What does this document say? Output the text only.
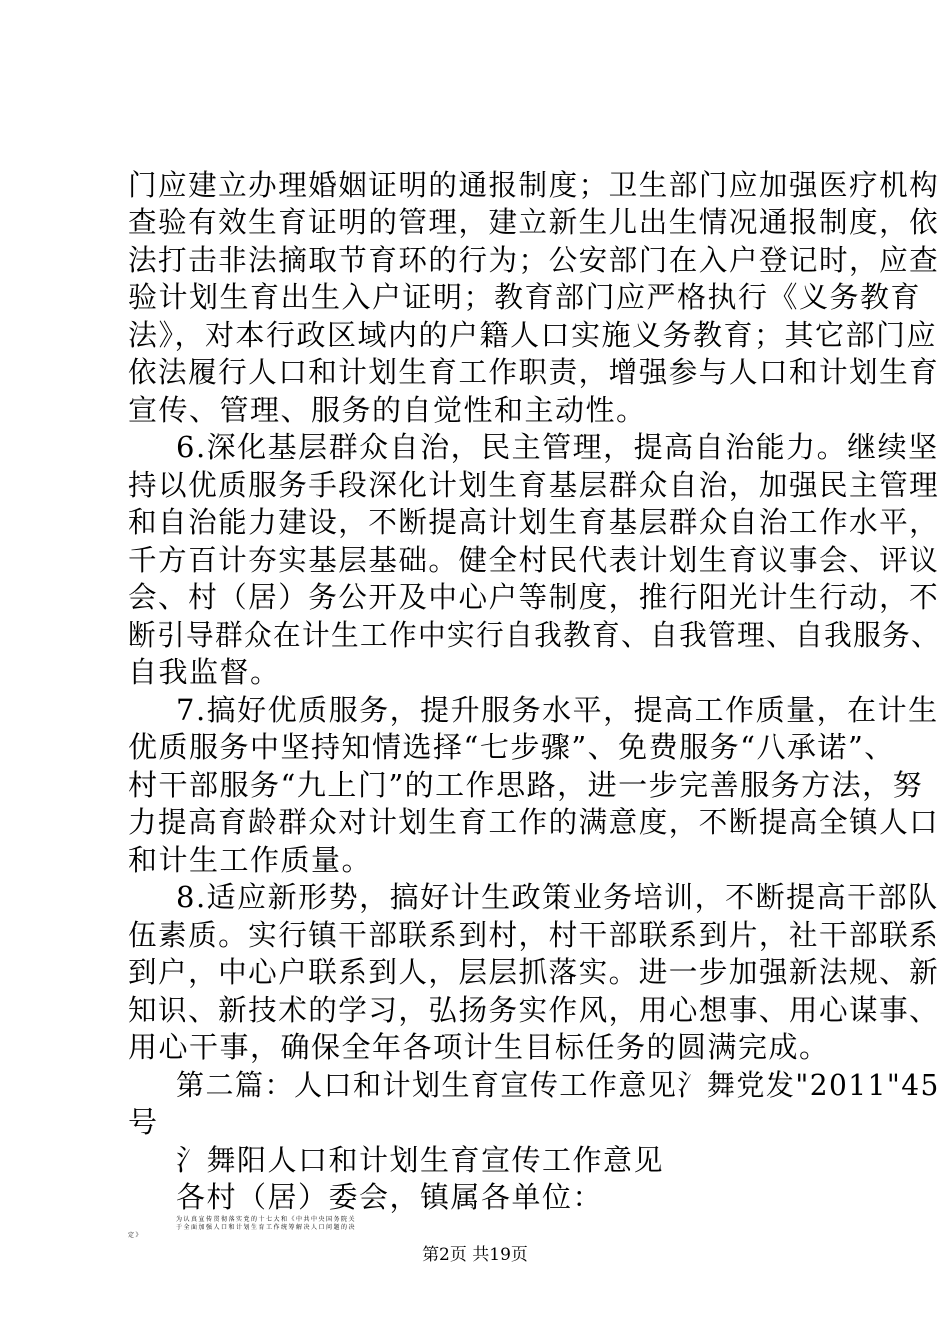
门应建立办理婚姻证明的通报制度；卫生部门应加强医疗机构
查验有效生育证明的管理，建立新生儿出生情况通报制度，依
法打击非法摘取节育环的行为；公安部门在入户登记时，应查
验计划生育出生入户证明；教育部门应严格执行《义务教育
法》，对本行政区域内的户籍人口实施义务教育；其它部门应
依法履行人口和计划生育工作职责，增强参与人口和计划生育
宣传、管理、服务的自觉性和主动性。
6.深化基层群众自治，民主管理，提高自治能力。继续坚
持以优质服务手段深化计划生育基层群众自治，加强民主管理
和自治能力建设，不断提高计划生育基层群众自治工作水平，
千方百计夯实基层基础。健全村民代表计划生育议事会、评议
会、村（居）务公开及中心户等制度，推行阳光计生行动，不
断引导群众在计生工作中实行自我教育、自我管理、自我服务、
自我监督。
7.搞好优质服务，提升服务水平，提高工作质量，在计生
优质服务中坚持知情选择“七步骤”、免费服务“八承诺”、
村干部服务“九上门”的工作思路，进一步完善服务方法，努
力提高育龄群众对计划生育工作的满意度，不断提高全镇人口
和计生工作质量。
8.适应新形势，搞好计生政策业务培训，不断提高干部队
伍素质。实行镇干部联系到村，村干部联系到片，社干部联系
到户，中心户联系到人，层层抓落实。进一步加强新法规、新
知识、新技术的学习，弘扬务实作风，用心想事、用心谋事、
用心干事，确保全年各项计生目标任务的圆满完成。
第二篇：人口和计划生育宣传工作意见氵舞党发"2011"45
号
氵舞阳人口和计划生育宣传工作意见
各村（居）委会，镇属各单位：
为认真宣传贯彻落实党的十七大和《中共中央国务院关
于全面加强人口和计划生育工作统筹解决人口问题的决
定》
第2页 共19页
